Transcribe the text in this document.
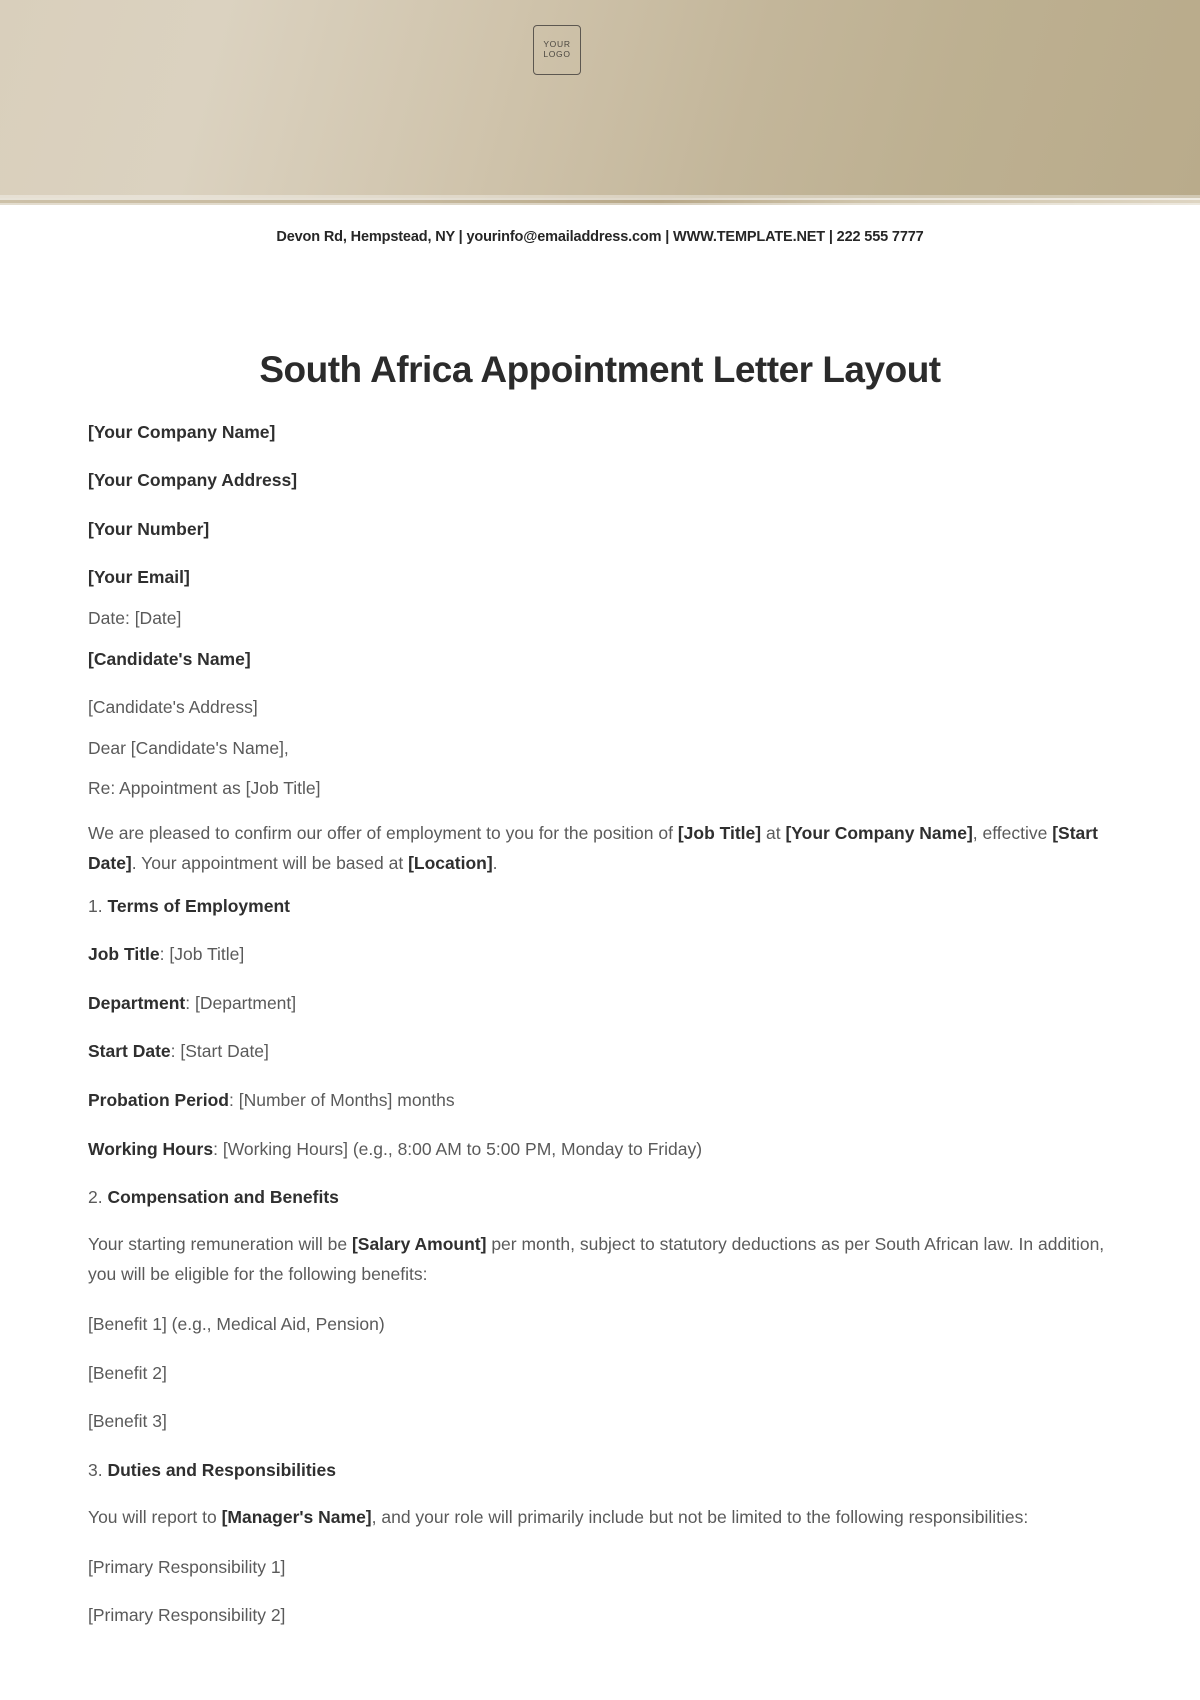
YOUR
LOGO
Devon Rd, Hempstead, NY | yourinfo@emailaddress.com | WWW.TEMPLATE.NET | 222 555 7777
South Africa Appointment Letter Layout

[Your Company Name]

[Your Company Address]

[Your Number]

[Your Email]

Date: [Date]

[Candidate's Name]

[Candidate's Address]

Dear [Candidate's Name],

Re: Appointment as [Job Title]

We are pleased to confirm our offer of employment to you for the position of [Job Title] at [Your Company Name], effective [Start Date]. Your appointment will be based at [Location].

1. Terms of Employment

Job Title: [Job Title]

Department: [Department]

Start Date: [Start Date]

Probation Period: [Number of Months] months

Working Hours: [Working Hours] (e.g., 8:00 AM to 5:00 PM, Monday to Friday)

2. Compensation and Benefits

Your starting remuneration will be [Salary Amount] per month, subject to statutory deductions as per South African law. In addition, you will be eligible for the following benefits:

[Benefit 1] (e.g., Medical Aid, Pension)

[Benefit 2]

[Benefit 3]

3. Duties and Responsibilities

You will report to [Manager's Name], and your role will primarily include but not be limited to the following responsibilities:

[Primary Responsibility 1]

[Primary Responsibility 2]
